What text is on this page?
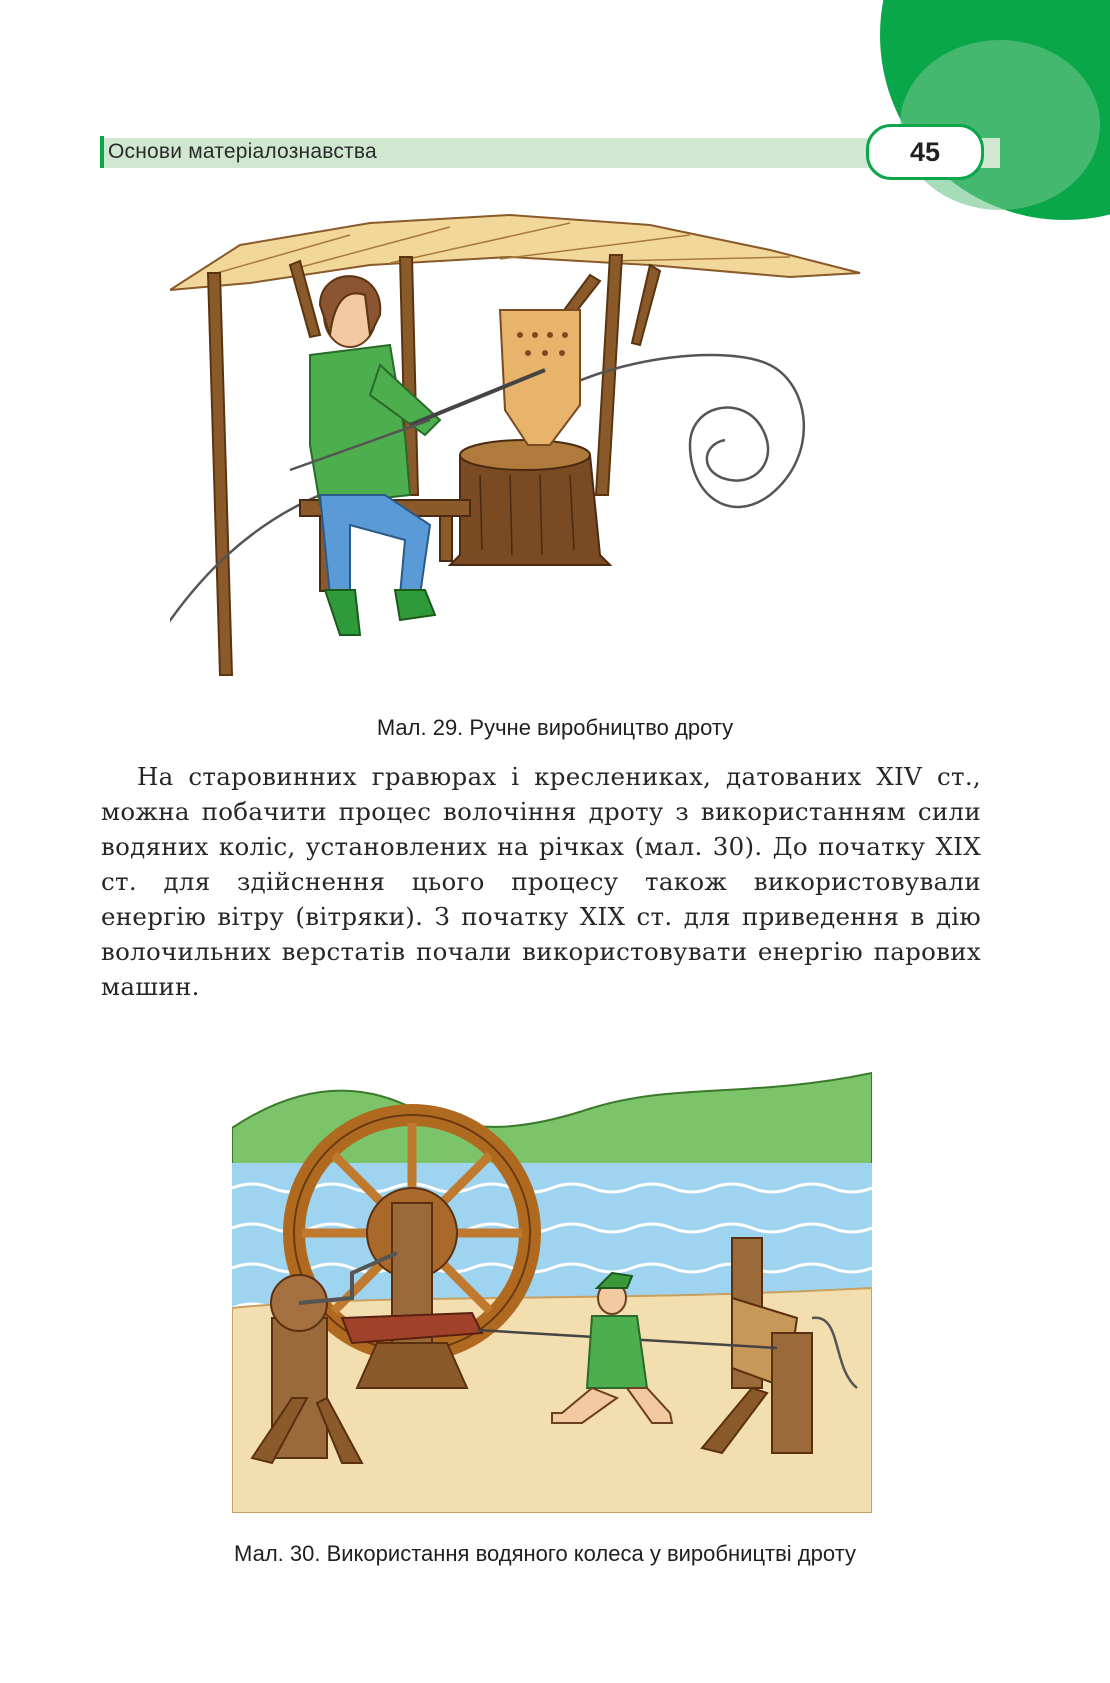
Основи матеріалознавства	45
Мал. 29. Ручне виробництво дроту
На старовинних гравюрах і креслениках, датованих XIV ст., можна побачити процес волочіння дроту з використанням сили водяних коліс, установлених на річках (мал. 30). До початку XIX ст. для здійснення цього процесу також використовували енергію вітру (вітряки). З початку XIX ст. для приведення в дію волочильних верстатів почали використовувати енергію парових машин.
Мал. 30. Використання водяного колеса у виробництві дроту
